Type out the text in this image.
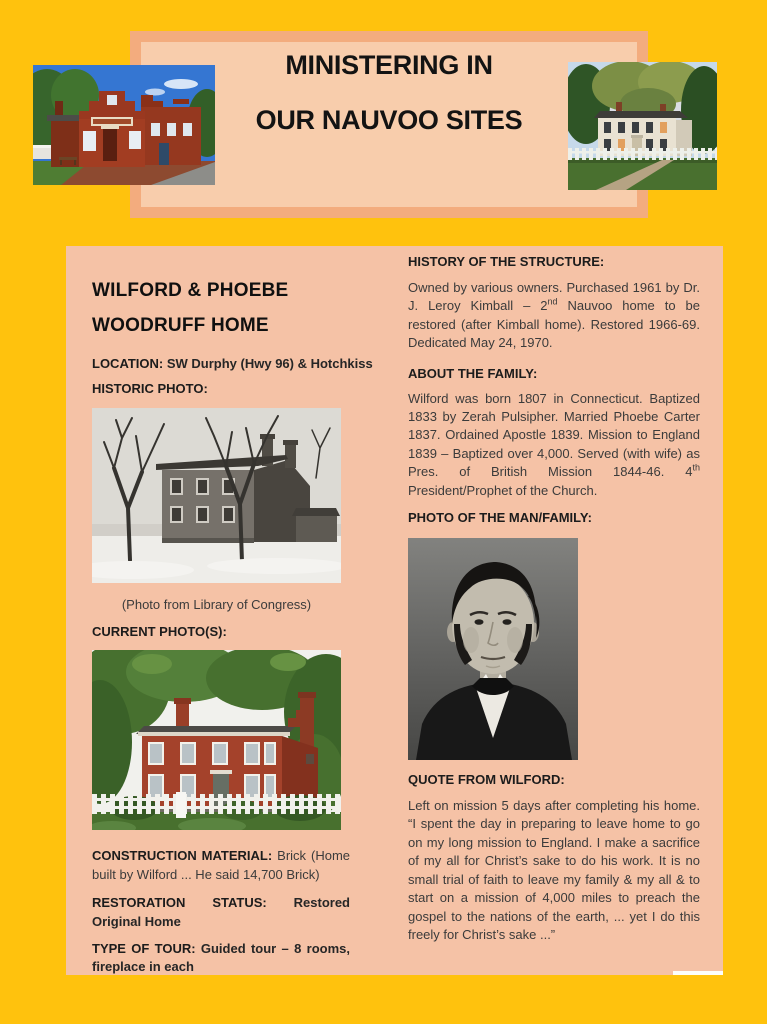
MINISTERING IN
OUR NAUVOO SITES
WILFORD & PHOEBE
WOODRUFF HOME

LOCATION: SW Durphy (Hwy 96) & Hotchkiss

HISTORIC PHOTO:
(Photo from Library of Congress)
CURRENT PHOTO(S):

CONSTRUCTION MATERIAL: Brick (Home built by Wilford ... He said 14,700 Brick)

RESTORATION STATUS: Restored Original Home

TYPE OF TOUR: Guided tour – 8 rooms, fireplace in each

HISTORY OF THE STRUCTURE:

Owned by various owners. Purchased 1961 by Dr. J. Leroy Kimball – 2nd Nauvoo home to be restored (after Kimball home). Restored 1966-69. Dedicated May 24, 1970.

ABOUT THE FAMILY:

Wilford was born 1807 in Connecticut. Baptized 1833 by Zerah Pulsipher. Married Phoebe Carter 1837. Ordained Apostle 1839. Mission to England 1839 – Baptized over 4,000. Served (with wife) as Pres. of British Mission 1844-46. 4th President/Prophet of the Church.

PHOTO OF THE MAN/FAMILY:
QUOTE FROM WILFORD:

Left on mission 5 days after completing his home. “I spent the day in preparing to leave home to go on my long mission to England. I make a sacrifice of my all for Christ’s sake to do his work. It is no small trial of faith to leave my family & my all & to start on a mission of 4,000 miles to preach the gospel to the nations of the earth, ... yet I do this freely for Christ’s sake ...”
